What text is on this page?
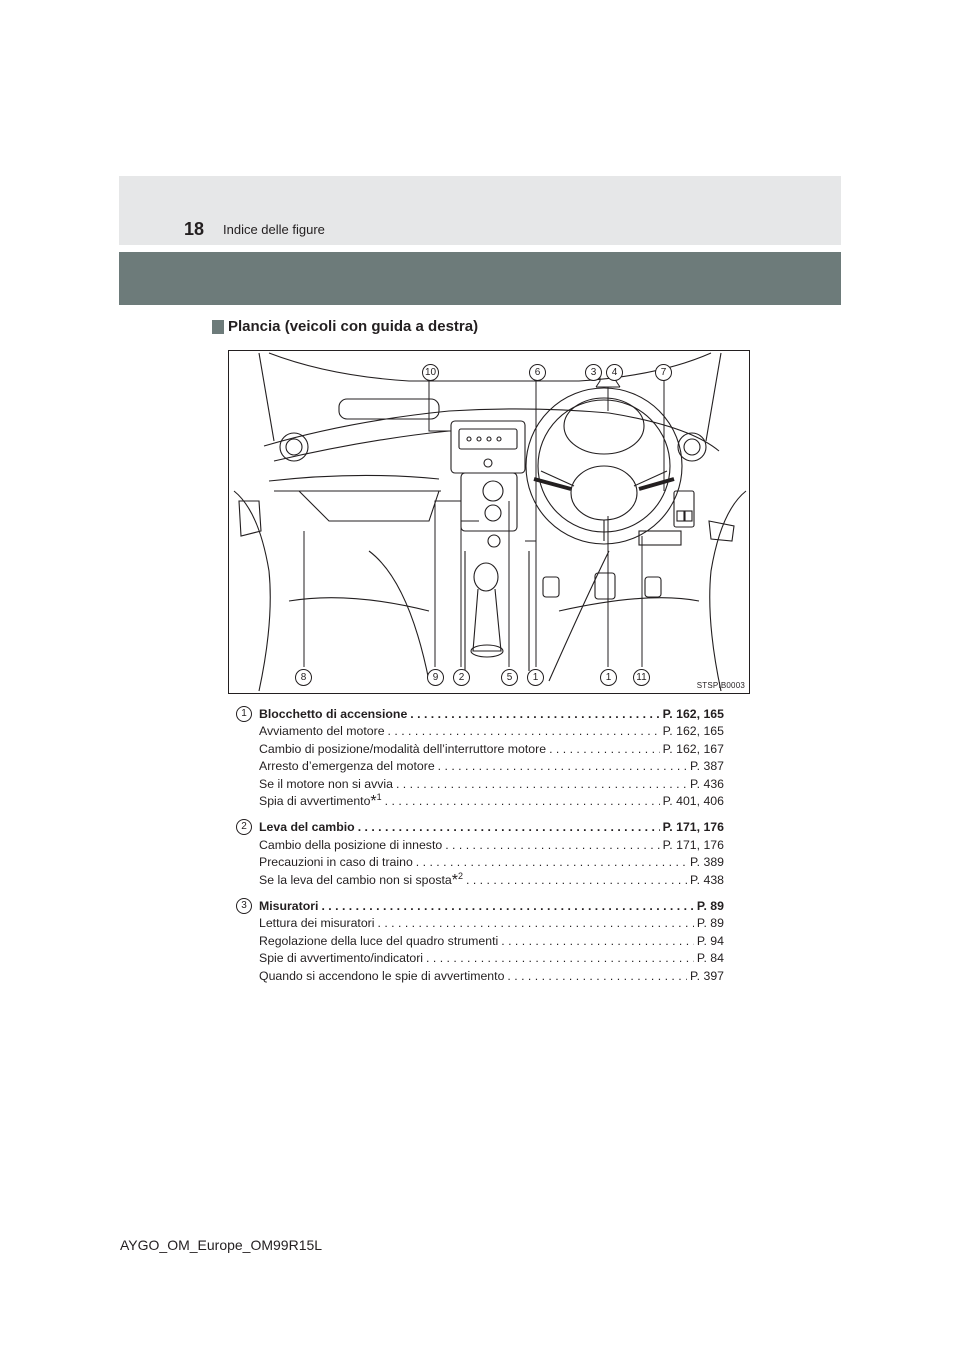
18 Indice delle figure
Plancia (veicoli con guida a destra)
10	6	3	4	7
8	9	2	5	1	1	11
STSPIB0003
1 Blocchetto di accensione . . .	P. 162, 165
Avviamento del motore . . .	P. 162, 165
Cambio di posizione/modalità dell’interruttore motore . . .	P. 162, 167
Arresto d’emergenza del motore . . .	P. 387
Se il motore non si avvia . . .	P. 436
Spia di avvertimento*$^1$ . . .	P. 401, 406
2 Leva del cambio . . .	P. 171, 176
Cambio della posizione di innesto . . .	P. 171, 176
Precauzioni in caso di traino . . .	P. 389
Se la leva del cambio non si sposta*$^2$ . . .	P. 438
3 Misuratori . . .	P. 89
Lettura dei misuratori . . .	P. 89
Regolazione della luce del quadro strumenti . . .	P. 94
Spie di avvertimento/indicatori . . .	P. 84
Quando si accendono le spie di avvertimento . . .	P. 397
AYGO_OM_Europe_OM99R15L
